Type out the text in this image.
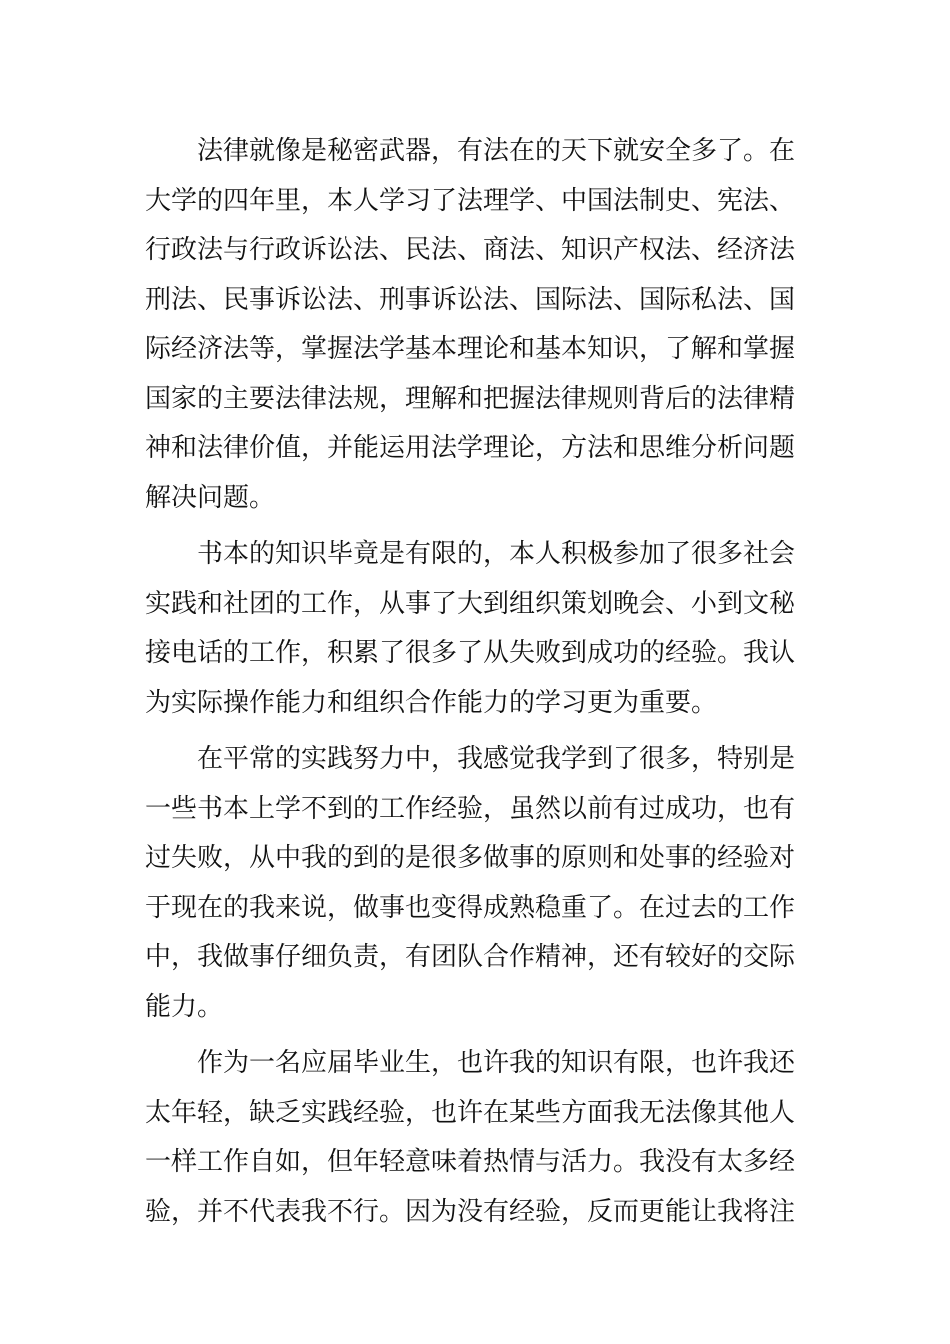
法律就像是秘密武器，有法在的天下就安全多了。在
大学的四年里，本人学习了法理学、中国法制史、宪法、
行政法与行政诉讼法、民法、商法、知识产权法、经济法
刑法、民事诉讼法、刑事诉讼法、国际法、国际私法、国
际经济法等，掌握法学基本理论和基本知识，了解和掌握
国家的主要法律法规，理解和把握法律规则背后的法律精
神和法律价值，并能运用法学理论，方法和思维分析问题
解决问题。

书本的知识毕竟是有限的，本人积极参加了很多社会
实践和社团的工作，从事了大到组织策划晚会、小到文秘
接电话的工作，积累了很多了从失败到成功的经验。我认
为实际操作能力和组织合作能力的学习更为重要。

在平常的实践努力中，我感觉我学到了很多，特别是
一些书本上学不到的工作经验，虽然以前有过成功，也有
过失败，从中我的到的是很多做事的原则和处事的经验对
于现在的我来说，做事也变得成熟稳重了。在过去的工作
中，我做事仔细负责，有团队合作精神，还有较好的交际
能力。

作为一名应届毕业生，也许我的知识有限，也许我还
太年轻，缺乏实践经验，也许在某些方面我无法像其他人
一样工作自如，但年轻意味着热情与活力。我没有太多经
验，并不代表我不行。因为没有经验，反而更能让我将注
